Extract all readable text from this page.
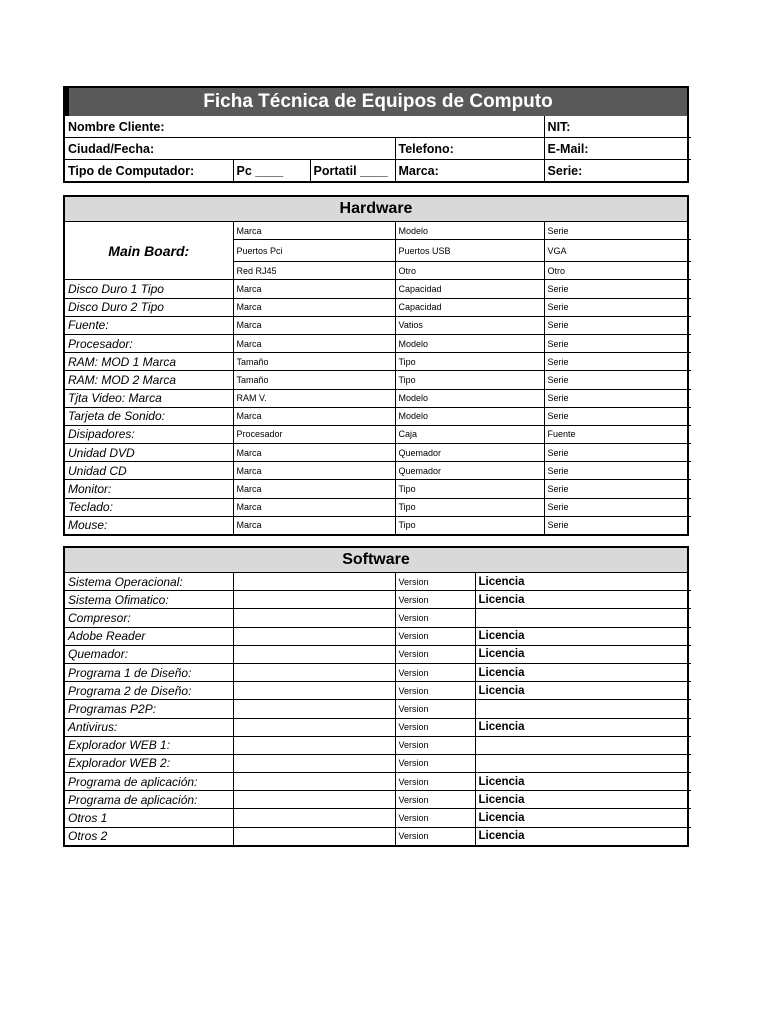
Ficha Técnica de Equipos de Computo
Nombre Cliente:				NIT:
Ciudad/Fecha:			Telefono:	E-Mail:
Tipo de Computador:	Pc ____	Portatil ____	Marca:	Serie:
Hardware
Main Board:	Marca	Modelo	Serie
	Puertos Pci	Puertos USB	VGA
	Red RJ45	Otro	Otro
Disco Duro 1 Tipo	Marca	Capacidad	Serie
Disco Duro 2 Tipo	Marca	Capacidad	Serie
Fuente:	Marca	Vatios	Serie
Procesador:	Marca	Modelo	Serie
RAM: MOD 1 Marca	Tamaño	Tipo	Serie
RAM: MOD 2 Marca	Tamaño	Tipo	Serie
Tjta Video: Marca	RAM V.	Modelo	Serie
Tarjeta de Sonido:	Marca	Modelo	Serie
Disipadores:	Procesador	Caja	Fuente
Unidad DVD	Marca	Quemador	Serie
Unidad CD	Marca	Quemador	Serie
Monitor:	Marca	Tipo	Serie
Teclado:	Marca	Tipo	Serie
Mouse:	Marca	Tipo	Serie
Software
Sistema Operacional:		Version	Licencia
Sistema Ofimatico:		Version	Licencia
Compresor:		Version	
Adobe Reader		Version	Licencia
Quemador:		Version	Licencia
Programa 1 de Diseño:		Version	Licencia
Programa 2 de Diseño:		Version	Licencia
Programas P2P:		Version	
Antivirus:		Version	Licencia
Explorador WEB 1:		Version	
Explorador WEB 2:		Version	
Programa de aplicación:		Version	Licencia
Programa de aplicación:		Version	Licencia
Otros 1		Version	Licencia
Otros 2		Version	Licencia
